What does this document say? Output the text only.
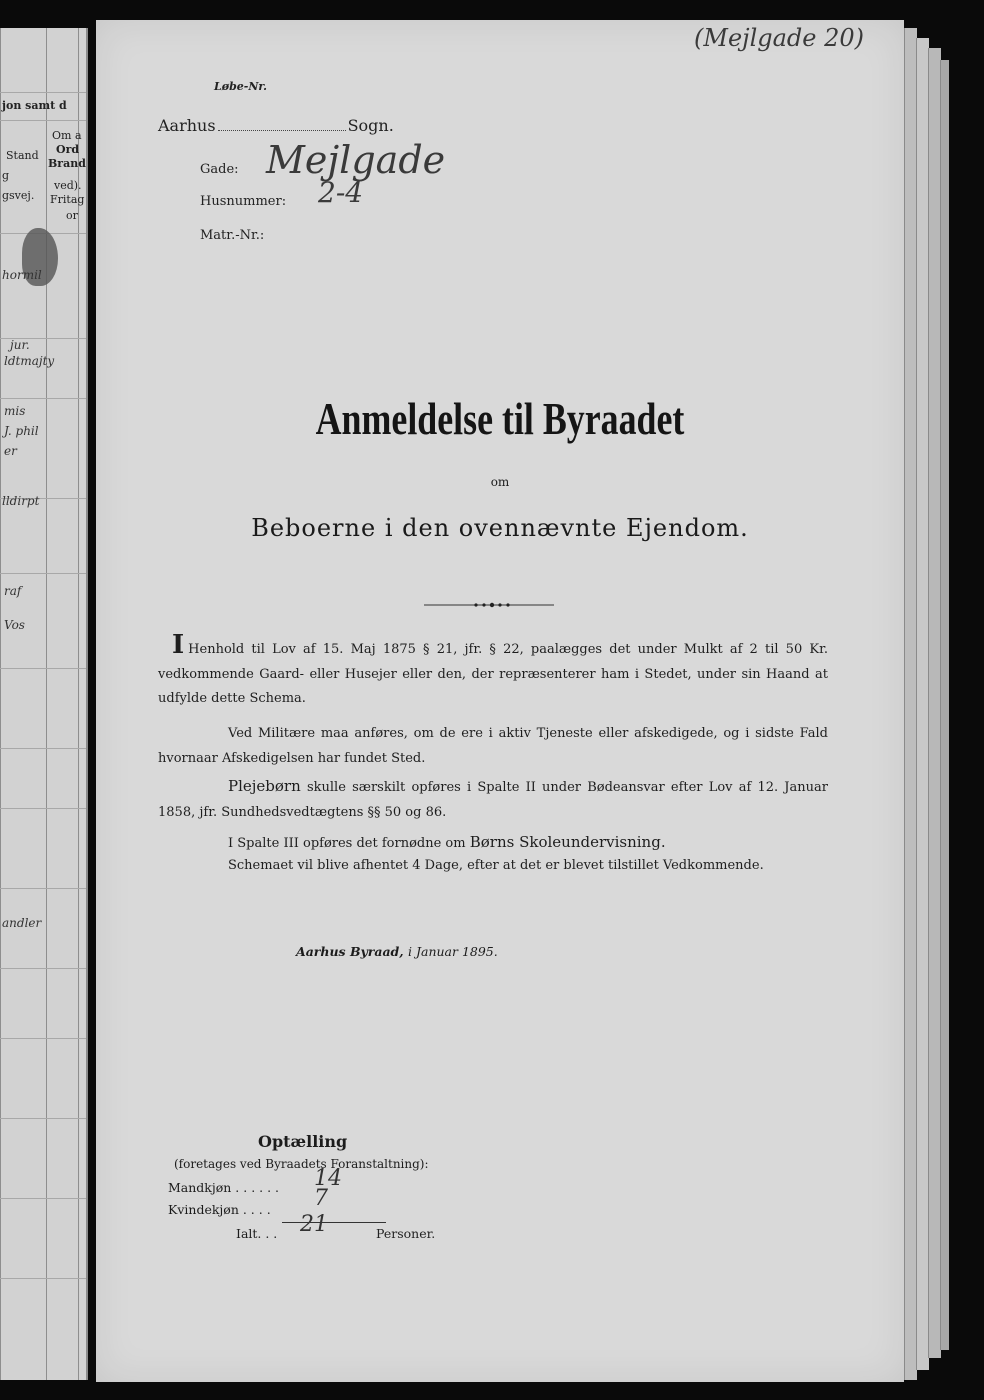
jon samt d
Stand
g
gsvej.
Om a
Ord
Brand
ved).
Fritag
or
hormil
jur.
ldtmajty
mis
J. phil
er
lldirpt
raf
Vos
andler
(Mejlgade 20)
Løbe-Nr.
Aarhus	Sogn.
Gade: Mejlgade
Husnummer: 2-4
Matr.-Nr.:
Anmeldelse til Byraadet
om
Beboerne i den ovennævnte Ejendom.
I Henhold til Lov af 15. Maj 1875 § 21, jfr. § 22, paalægges det under Mulkt af 2 til 50 Kr. vedkommende Gaard- eller Husejer eller den, der repræsenterer ham i Stedet, under sin Haand at udfylde dette Schema.
Ved Militære maa anføres, om de ere i aktiv Tjeneste eller afskedigede, og i sidste Fald hvornaar Afskedigelsen har fundet Sted.
Plejebørn skulle særskilt opføres i Spalte II under Bødeansvar efter Lov af 12. Januar 1858, jfr. Sundhedsvedtægtens §§ 50 og 86.
I Spalte III opføres det fornødne om Børns Skoleundervisning.
Schemaet vil blive afhentet 4 Dage, efter at det er blevet tilstillet Vedkommende.
Aarhus Byraad, i Januar 1895.
Optælling
(foretages ved Byraadets Foranstaltning):
Mandkjøn . . . . . . 14
Kvindekjøn . . . . 7
Ialt. . . 21	Personer.
